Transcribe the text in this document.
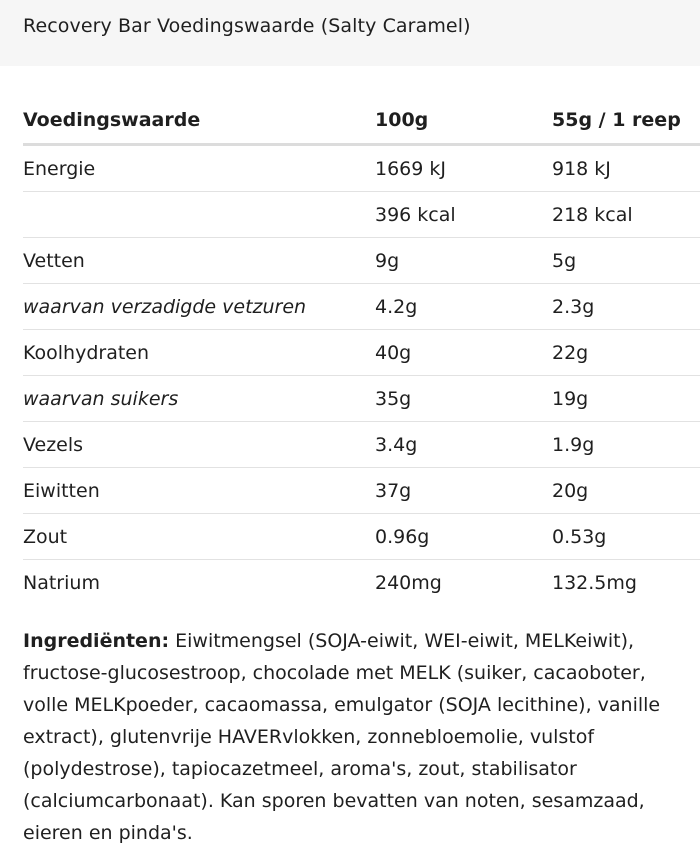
Recovery Bar Voedingswaarde (Salty Caramel)
Voedingswaarde	100g	55g / 1 reep
Energie	1669 kJ	918 kJ
	396 kcal	218 kcal
Vetten	9g	5g
waarvan verzadigde vetzuren	4.2g	2.3g
Koolhydraten	40g	22g
waarvan suikers	35g	19g
Vezels	3.4g	1.9g
Eiwitten	37g	20g
Zout	0.96g	0.53g
Natrium	240mg	132.5mg

Ingrediënten: Eiwitmengsel (SOJA-eiwit, WEI-eiwit, MELKeiwit), fructose-glucosestroop, chocolade met MELK (suiker, cacaoboter, volle MELKpoeder, cacaomassa, emulgator (SOJA lecithine), vanille extract), glutenvrije HAVERvlokken, zonnebloemolie, vulstof (polydestrose), tapiocazetmeel, aroma's, zout, stabilisator (calciumcarbonaat). Kan sporen bevatten van noten, sesamzaad, eieren en pinda's.
